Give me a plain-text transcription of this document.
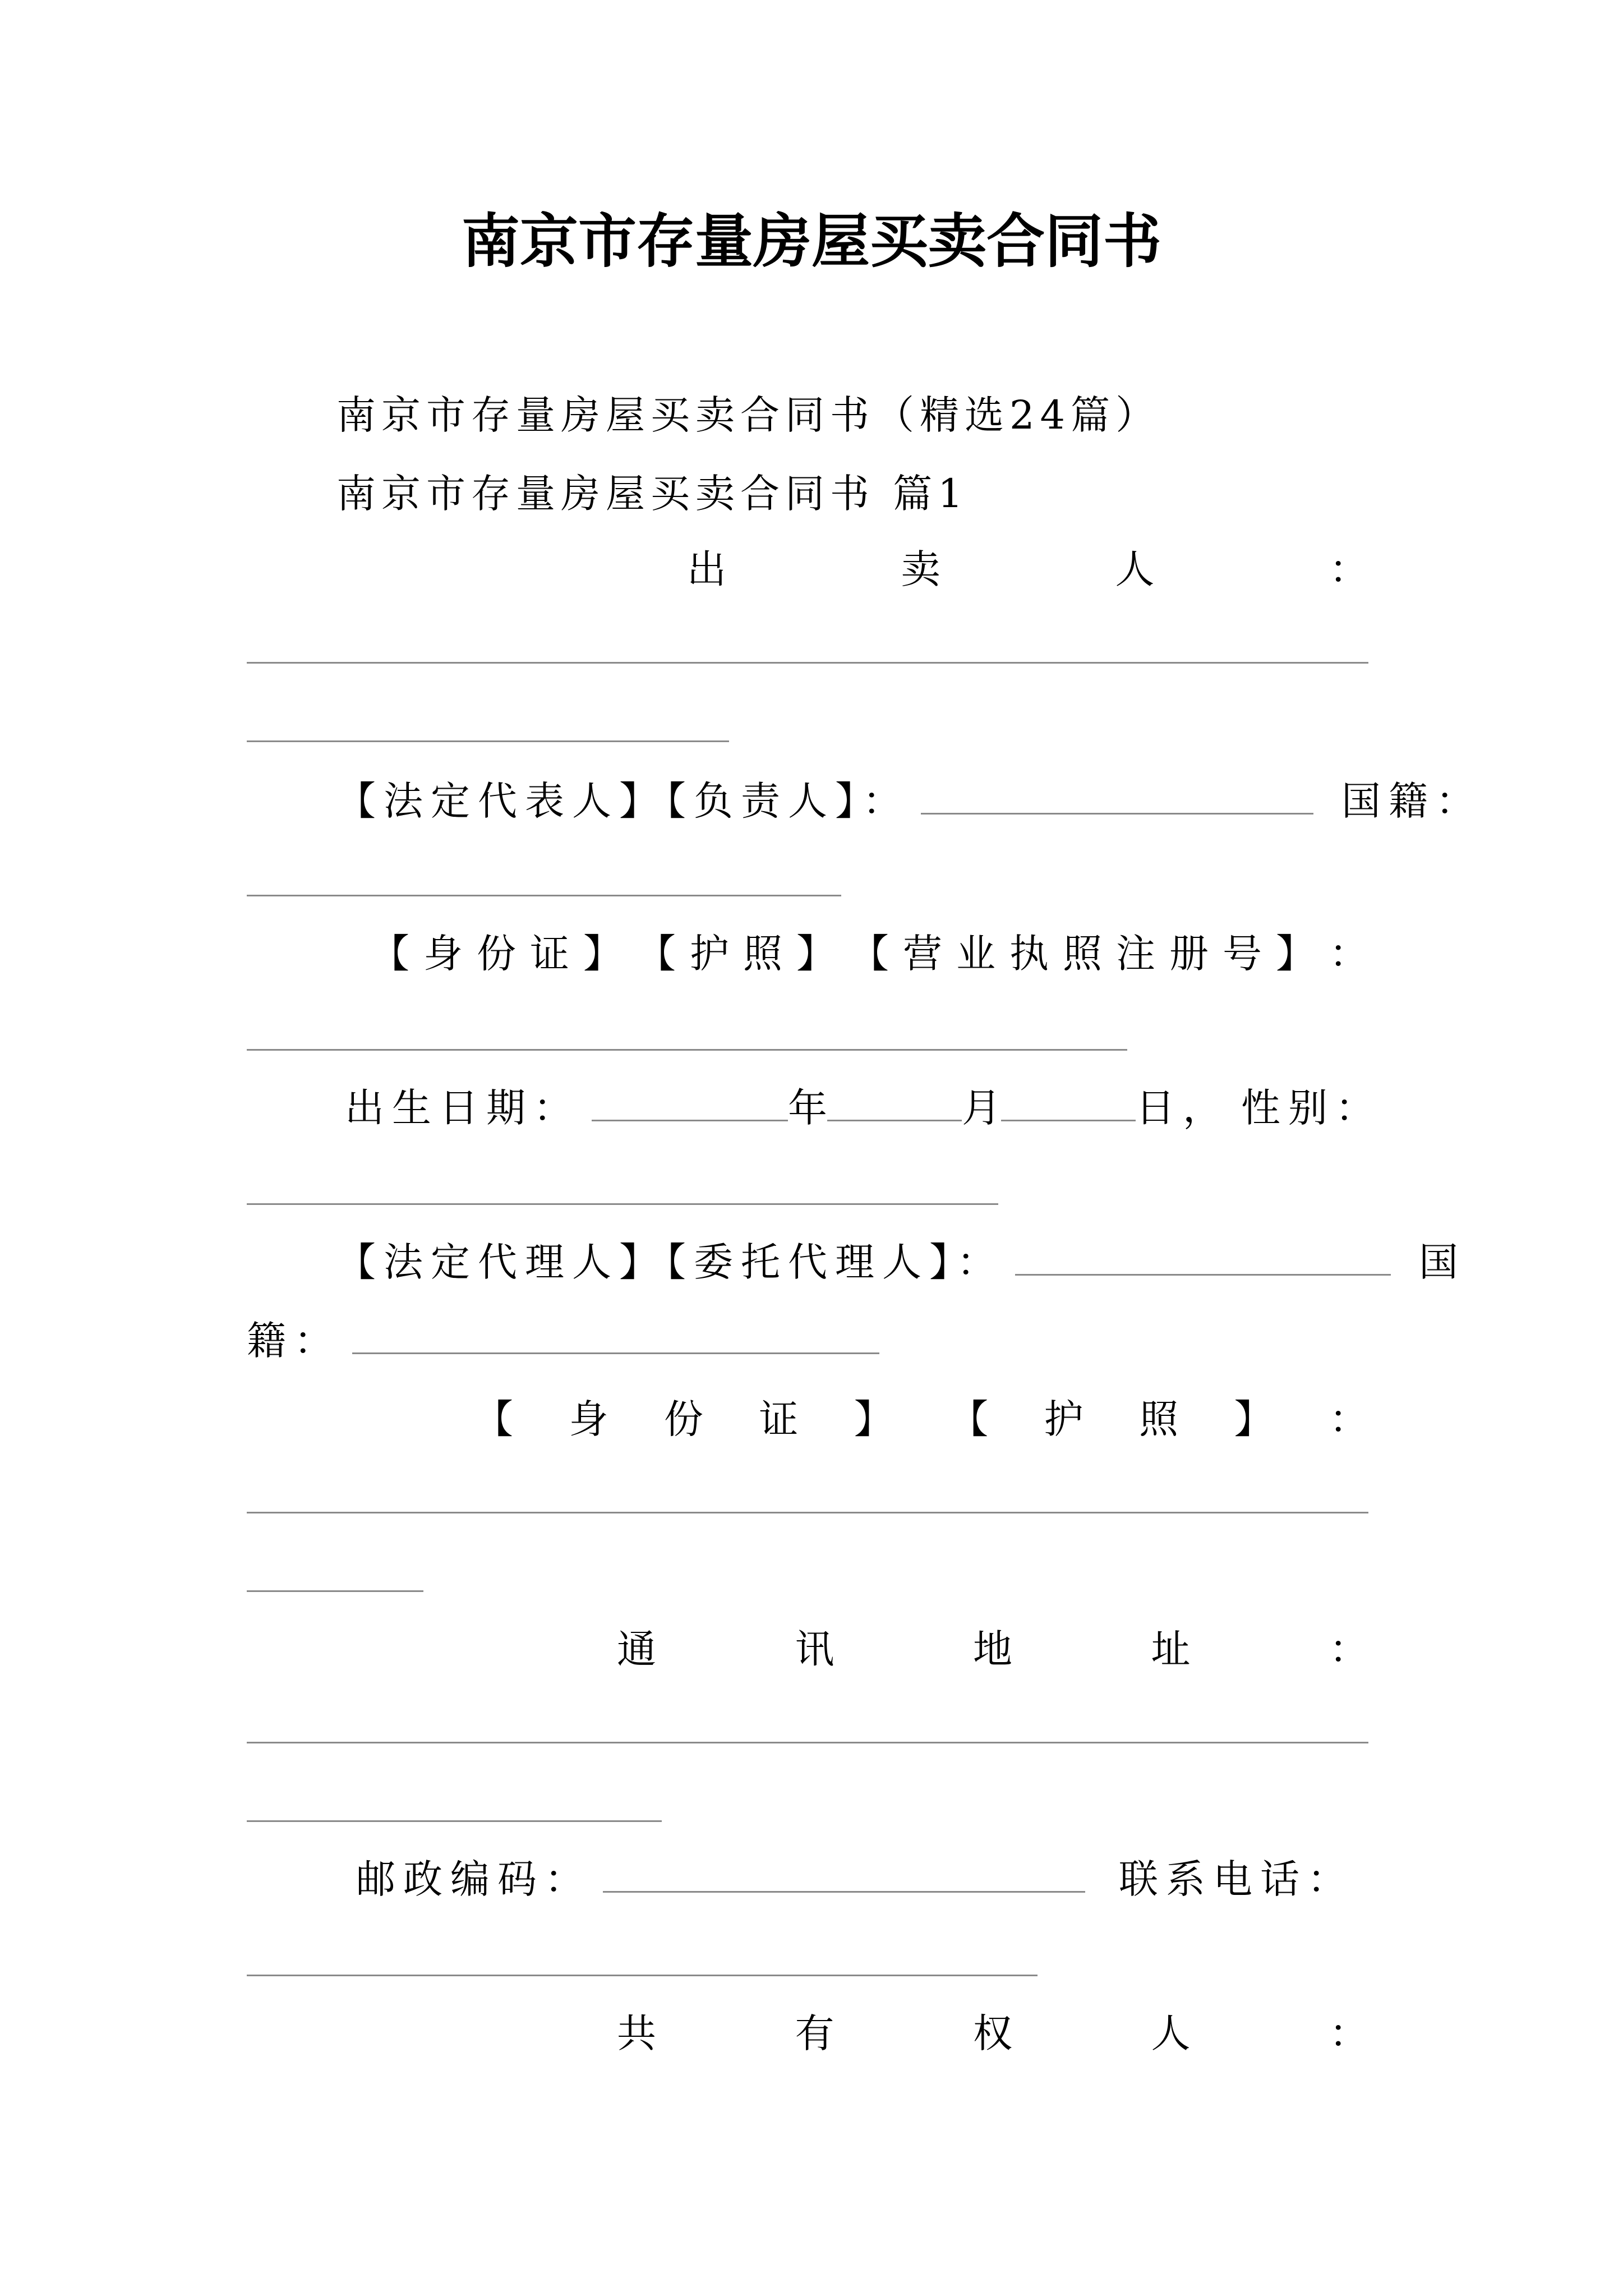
南京市存量房屋买卖合同书
南京市存量房屋买卖合同书（精选24篇）
南京市存量房屋买卖合同书 篇1
出	卖	人	：
【法定代表人】【负责人】：	国籍：
【 身 份 证 】 【 护 照 】 【 营 业 执 照 注 册 号 】 ：
出生日期：	年	月	日， 性别：
【法定代理人】【委托代理人】：	国
籍：
【 身 份 证 】 【 护 照 】 ：
通	讯	地	址	：
邮政编码：	联系电话：
共	有	权	人	：
